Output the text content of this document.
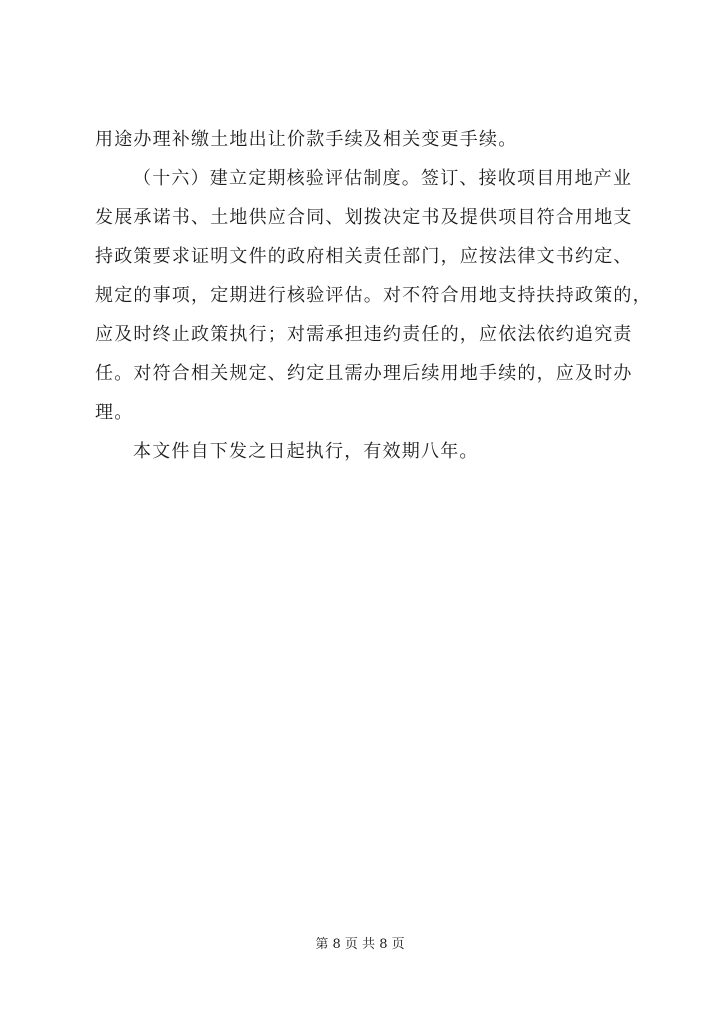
用途办理补缴土地出让价款手续及相关变更手续。
（十六）建立定期核验评估制度。签订、接收项目用地产业
发展承诺书、土地供应合同、划拨决定书及提供项目符合用地支
持政策要求证明文件的政府相关责任部门，应按法律文书约定、
规定的事项，定期进行核验评估。对不符合用地支持扶持政策的，
应及时终止政策执行；对需承担违约责任的，应依法依约追究责
任。对符合相关规定、约定且需办理后续用地手续的，应及时办
理。
本文件自下发之日起执行，有效期八年。
第 8 页 共 8 页
